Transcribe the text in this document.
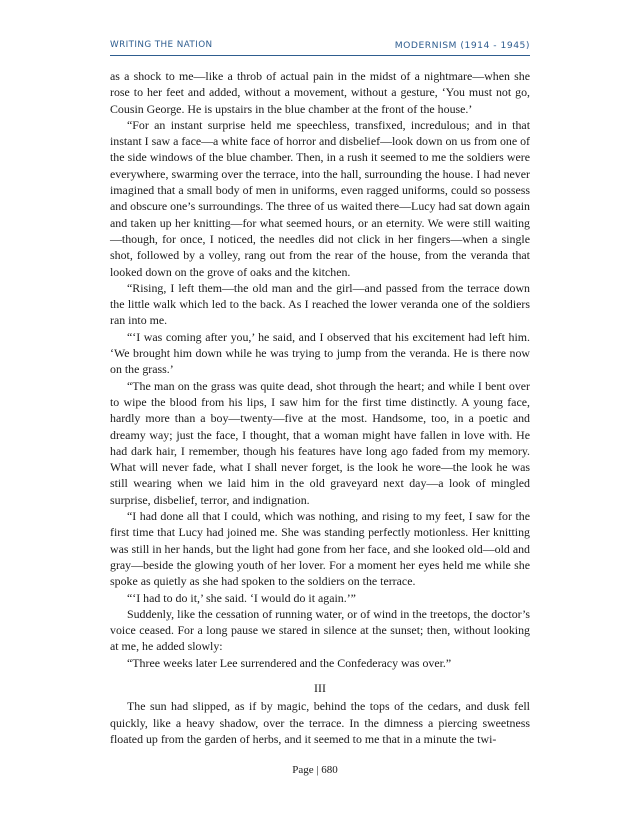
WRITING THE NATION	MODERNISM (1914 - 1945)

as a shock to me—like a throb of actual pain in the midst of a nightmare—when she rose to her feet and added, without a movement, without a gesture, ‘You must not go, Cousin George. He is upstairs in the blue chamber at the front of the house.’

“For an instant surprise held me speechless, transfixed, incredulous; and in that instant I saw a face—a white face of horror and disbelief—look down on us from one of the side windows of the blue chamber. Then, in a rush it seemed to me the soldiers were everywhere, swarming over the terrace, into the hall, surrounding the house. I had never imagined that a small body of men in uniforms, even ragged uniforms, could so possess and obscure one’s surroundings. The three of us waited there—Lucy had sat down again and taken up her knitting—for what seemed hours, or an eternity. We were still waiting—though, for once, I noticed, the needles did not click in her fingers—when a single shot, followed by a volley, rang out from the rear of the house, from the veranda that looked down on the grove of oaks and the kitchen.

“Rising, I left them—the old man and the girl—and passed from the terrace down the little walk which led to the back. As I reached the lower veranda one of the soldiers ran into me.

“‘I was coming after you,’ he said, and I observed that his excitement had left him. ‘We brought him down while he was trying to jump from the veranda. He is there now on the grass.’

“The man on the grass was quite dead, shot through the heart; and while I bent over to wipe the blood from his lips, I saw him for the first time distinctly. A young face, hardly more than a boy—twenty—five at the most. Handsome, too, in a poetic and dreamy way; just the face, I thought, that a woman might have fallen in love with. He had dark hair, I remember, though his features have long ago faded from my memory. What will never fade, what I shall never forget, is the look he wore—the look he was still wearing when we laid him in the old graveyard next day—a look of mingled surprise, disbelief, terror, and indignation.

“I had done all that I could, which was nothing, and rising to my feet, I saw for the first time that Lucy had joined me. She was standing perfectly motionless. Her knitting was still in her hands, but the light had gone from her face, and she looked old—old and gray—beside the glowing youth of her lover. For a moment her eyes held me while she spoke as quietly as she had spoken to the soldiers on the terrace.

“‘I had to do it,’ she said. ‘I would do it again.’”

Suddenly, like the cessation of running water, or of wind in the treetops, the doctor’s voice ceased. For a long pause we stared in silence at the sunset; then, without looking at me, he added slowly:

“Three weeks later Lee surrendered and the Confederacy was over.”

III

The sun had slipped, as if by magic, behind the tops of the cedars, and dusk fell quickly, like a heavy shadow, over the terrace. In the dimness a piercing sweetness floated up from the garden of herbs, and it seemed to me that in a minute the twi-

Page | 680
